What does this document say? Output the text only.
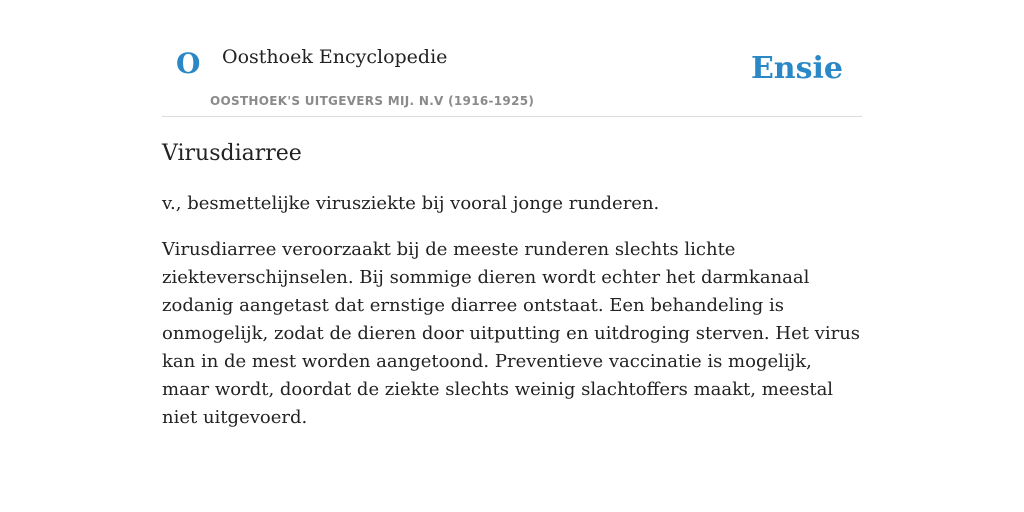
O Oosthoek Encyclopedie
OOSTHOEK'S UITGEVERS MIJ. N.V (1916-1925)
Ensie
Virusdiarree

v., besmettelijke virusziekte bij vooral jonge runderen.

Virusdiarree veroorzaakt bij de meeste runderen slechts lichte ziekteverschijnselen. Bij sommige dieren wordt echter het darmkanaal zodanig aangetast dat ernstige diarree ontstaat. Een behandeling is onmogelijk, zodat de dieren door uitputting en uitdroging sterven. Het virus kan in de mest worden aangetoond. Preventieve vaccinatie is mogelijk, maar wordt, doordat de ziekte slechts weinig slachtoffers maakt, meestal niet uitgevoerd.
